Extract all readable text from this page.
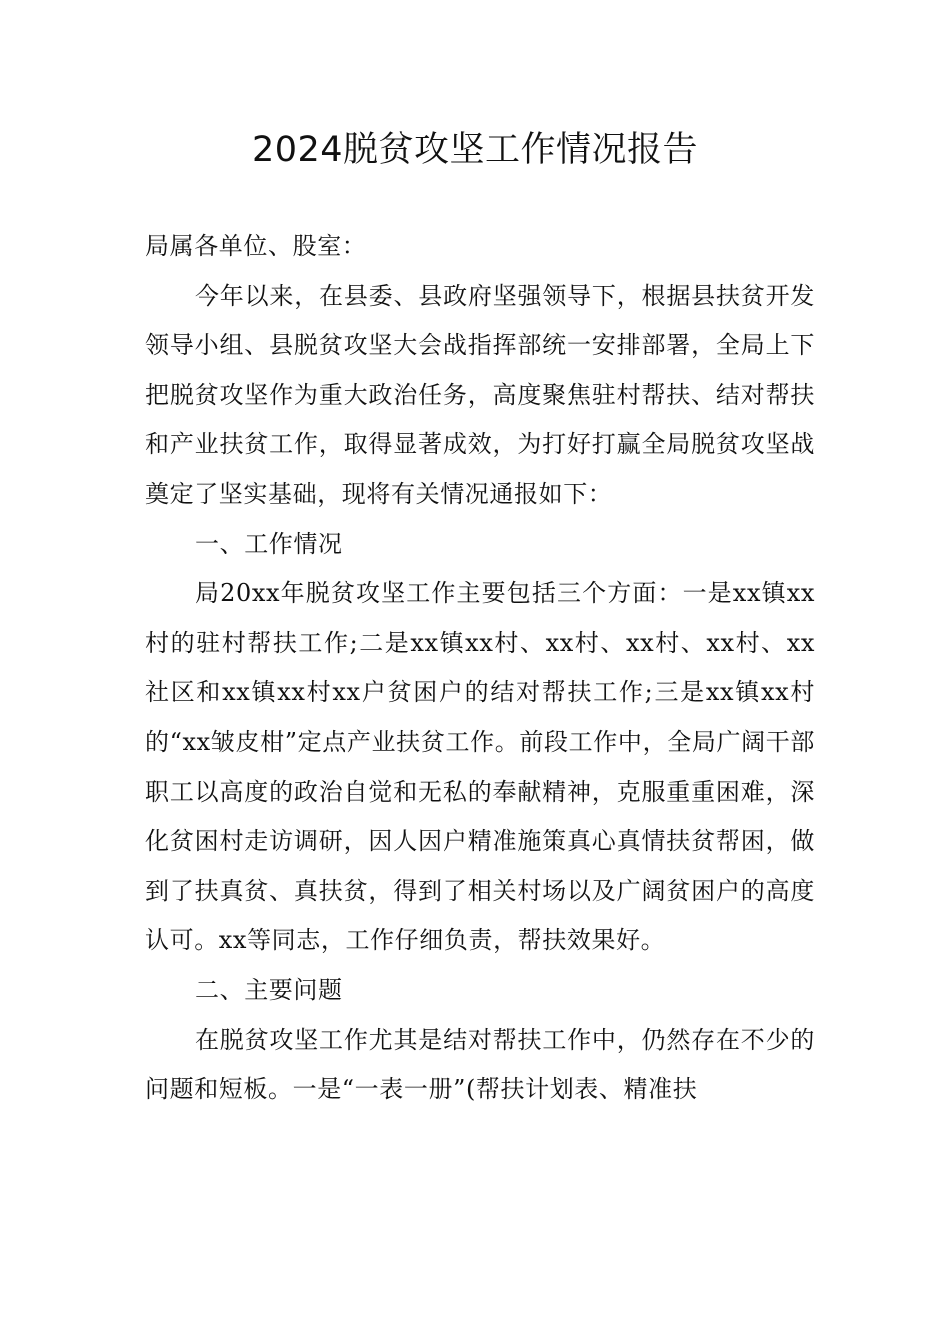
2024脱贫攻坚工作情况报告

局属各单位、股室：

今年以来，在县委、县政府坚强领导下，根据县扶贫开发领导小组、县脱贫攻坚大会战指挥部统一安排部署，全局上下把脱贫攻坚作为重大政治任务，高度聚焦驻村帮扶、结对帮扶和产业扶贫工作，取得显著成效，为打好打赢全局脱贫攻坚战奠定了坚实基础，现将有关情况通报如下：

一、工作情况

局20xx年脱贫攻坚工作主要包括三个方面：一是xx镇xx村的驻村帮扶工作;二是xx镇xx村、xx村、xx村、xx村、xx社区和xx镇xx村xx户贫困户的结对帮扶工作;三是xx镇xx村的“xx皱皮柑”定点产业扶贫工作。前段工作中，全局广阔干部职工以高度的政治自觉和无私的奉献精神，克服重重困难，深化贫困村走访调研，因人因户精准施策真心真情扶贫帮困，做到了扶真贫、真扶贫，得到了相关村场以及广阔贫困户的高度认可。xx等同志，工作仔细负责，帮扶效果好。

二、主要问题

在脱贫攻坚工作尤其是结对帮扶工作中，仍然存在不少的问题和短板。一是“一表一册”(帮扶计划表、精准扶
